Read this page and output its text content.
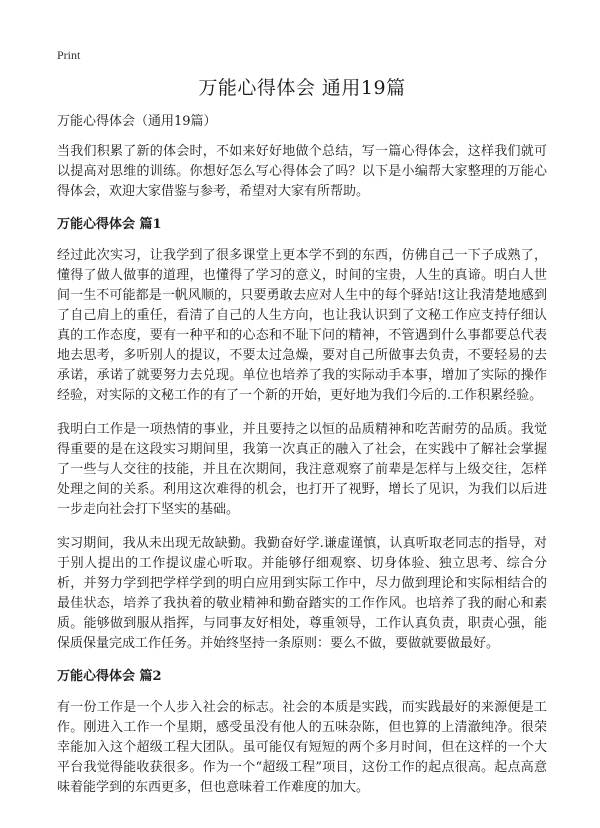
Print
万能心得体会 通用19篇
万能心得体会（通用19篇）

当我们积累了新的体会时，不如来好好地做个总结，写一篇心得体会，这样我们就可以提高对思维的训练。你想好怎么写心得体会了吗？以下是小编帮大家整理的万能心得体会，欢迎大家借鉴与参考，希望对大家有所帮助。

万能心得体会 篇1

经过此次实习，让我学到了很多课堂上更本学不到的东西，仿佛自己一下子成熟了，懂得了做人做事的道理，也懂得了学习的意义，时间的宝贵，人生的真谛。明白人世间一生不可能都是一帆风顺的，只要勇敢去应对人生中的每个驿站!这让我清楚地感到了自己肩上的重任，看清了自己的人生方向，也让我认识到了文秘工作应支持仔细认真的工作态度，要有一种平和的心态和不耻下问的精神，不管遇到什么事都要总代表地去思考，多听别人的提议，不要太过急燥，要对自己所做事去负责，不要轻易的去承诺，承诺了就要努力去兑现。单位也培养了我的实际动手本事，增加了实际的操作经验，对实际的文秘工作的有了一个新的开始，更好地为我们今后的.工作积累经验。

我明白工作是一项热情的事业，并且要持之以恒的品质精神和吃苦耐劳的品质。我觉得重要的是在这段实习期间里，我第一次真正的融入了社会，在实践中了解社会掌握了一些与人交往的技能，并且在次期间，我注意观察了前辈是怎样与上级交往，怎样处理之间的关系。利用这次难得的机会，也打开了视野，增长了见识，为我们以后进一步走向社会打下坚实的基础。

实习期间，我从未出现无故缺勤。我勤奋好学.谦虚谨慎，认真听取老同志的指导，对于别人提出的工作提议虚心听取。并能够仔细观察、切身体验、独立思考、综合分析，并努力学到把学样学到的明白应用到实际工作中，尽力做到理论和实际相结合的最佳状态，培养了我执着的敬业精神和勤奋踏实的工作作风。也培养了我的耐心和素质。能够做到服从指挥，与同事友好相处，尊重领导，工作认真负责，职责心强，能保质保量完成工作任务。并始终坚持一条原则：要么不做，要做就要做最好。

万能心得体会 篇2

有一份工作是一个人步入社会的标志。社会的本质是实践，而实践最好的来源便是工作。刚进入工作一个星期，感受虽没有他人的五味杂陈，但也算的上清澈纯净。很荣幸能加入这个超级工程大团队。虽可能仅有短短的两个多月时间，但在这样的一个大平台我觉得能收获很多。作为一个“超级工程”项目，这份工作的起点很高。起点高意味着能学到的东西更多，但也意味着工作难度的加大。
